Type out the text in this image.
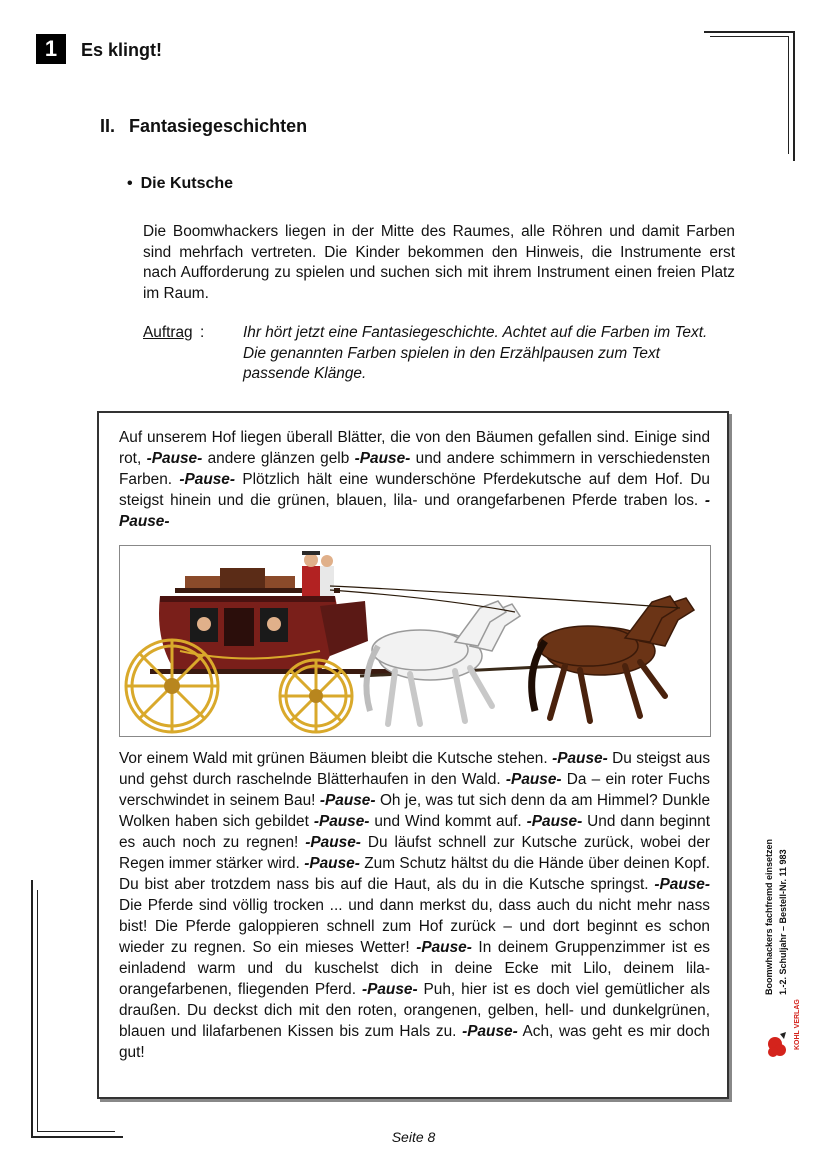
1	Es klingt!
II. Fantasiegeschichten
• Die Kutsche
Die Boomwhackers liegen in der Mitte des Raumes, alle Röhren und damit Farben sind mehrfach vertreten. Die Kinder bekommen den Hinweis, die Instrumente erst nach Aufforderung zu spielen und suchen sich mit ihrem Instrument einen freien Platz im Raum.
Auftrag :	Ihr hört jetzt eine Fantasiegeschichte. Achtet auf die Farben im Text. Die genannten Farben spielen in den Erzählpausen zum Text passende Klänge.
Auf unserem Hof liegen überall Blätter, die von den Bäumen gefallen sind. Einige sind rot, -Pause- andere glänzen gelb -Pause- und andere schimmern in verschiedensten Farben. -Pause- Plötzlich hält eine wunderschöne Pferdekutsche auf dem Hof. Du steigst hinein und die grünen, blauen, lila- und orangefarbenen Pferde traben los. -Pause-
Vor einem Wald mit grünen Bäumen bleibt die Kutsche stehen. -Pause- Du steigst aus und gehst durch raschelnde Blätterhaufen in den Wald. -Pause- Da – ein roter Fuchs verschwindet in seinem Bau! -Pause- Oh je, was tut sich denn da am Himmel? Dunkle Wolken haben sich gebildet -Pause- und Wind kommt auf. -Pause- Und dann beginnt es auch noch zu regnen! -Pause- Du läufst schnell zur Kutsche zurück, wobei der Regen immer stärker wird. -Pause- Zum Schutz hältst du die Hände über deinen Kopf. Du bist aber trotzdem nass bis auf die Haut, als du in die Kutsche springst. -Pause- Die Pferde sind völlig trocken ... und dann merkst du, dass auch du nicht mehr nass bist! Die Pferde galoppieren schnell zum Hof zurück – und dort beginnt es schon wieder zu regnen. So ein mieses Wetter! -Pause- In deinem Gruppenzimmer ist es einladend warm und du kuschelst dich in deine Ecke mit Lilo, deinem lila-orangefarbenen, fliegenden Pferd. -Pause- Puh, hier ist es doch viel gemütlicher als draußen. Du deckst dich mit den roten, orangenen, gelben, hell- und dunkelgrünen, blauen und lilafarbenen Kissen bis zum Hals zu. -Pause- Ach, was geht es mir doch gut!
Boomwhackers fachfremd einsetzen 1.-2. Schuljahr – Bestell-Nr. 11 983
KOHL VERLAG
Seite 8
